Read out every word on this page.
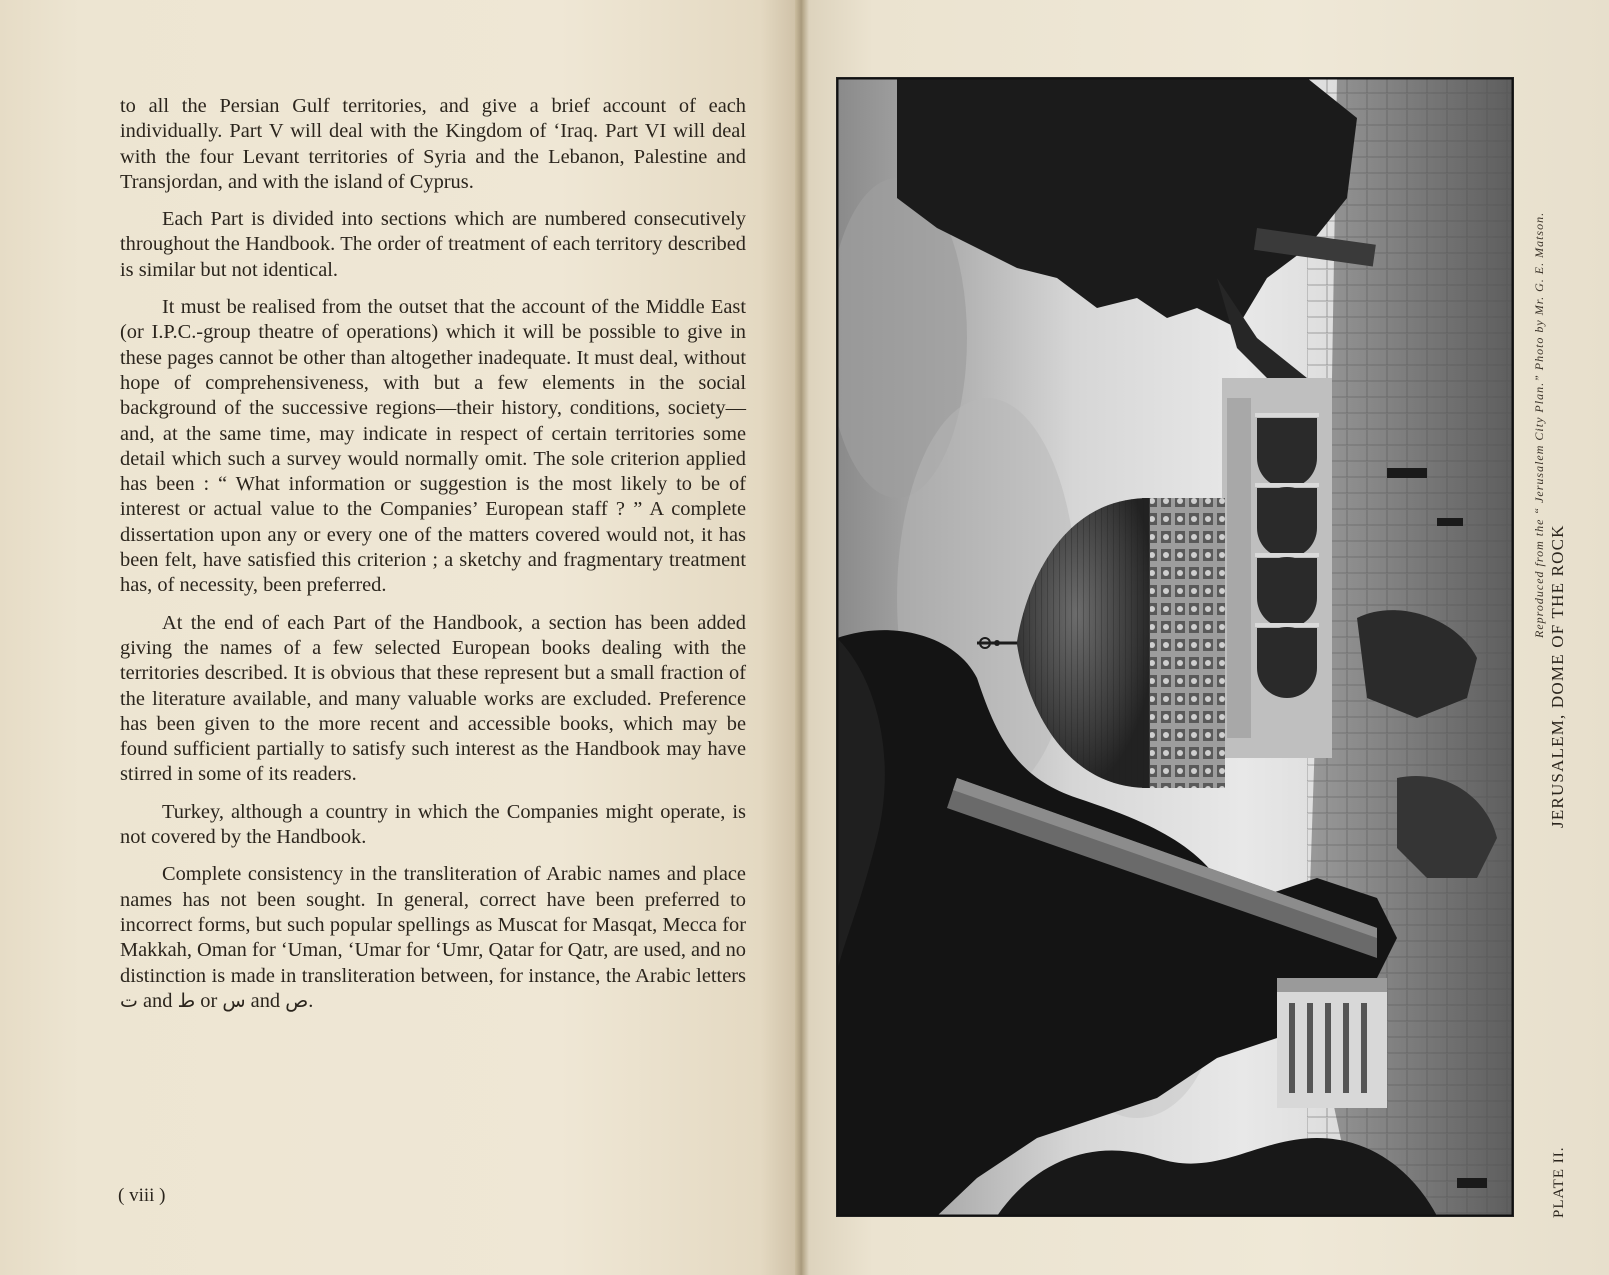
to all the Persian Gulf territories, and give a brief account of each individually. Part V will deal with the Kingdom of ‘Iraq. Part VI will deal with the four Levant territories of Syria and the Lebanon, Palestine and Transjordan, and with the island of Cyprus.

Each Part is divided into sections which are numbered consecutively throughout the Handbook. The order of treatment of each territory described is similar but not identical.

It must be realised from the outset that the account of the Middle East (or I.P.C.-group theatre of operations) which it will be possible to give in these pages cannot be other than altogether inadequate. It must deal, without hope of comprehensiveness, with but a few elements in the social background of the successive regions—their history, conditions, society—and, at the same time, may indicate in respect of certain territories some detail which such a survey would normally omit. The sole criterion applied has been : “ What information or suggestion is the most likely to be of interest or actual value to the Companies’ European staff ? ” A complete dissertation upon any or every one of the matters covered would not, it has been felt, have satisfied this criterion ; a sketchy and fragmentary treatment has, of necessity, been preferred.

At the end of each Part of the Handbook, a section has been added giving the names of a few selected European books dealing with the territories described. It is obvious that these represent but a small fraction of the literature available, and many valuable works are excluded. Preference has been given to the more recent and accessible books, which may be found sufficient partially to satisfy such interest as the Handbook may have stirred in some of its readers.

Turkey, although a country in which the Companies might operate, is not covered by the Handbook.

Complete consistency in the transliteration of Arabic names and place names has not been sought. In general, correct have been preferred to incorrect forms, but such popular spellings as Muscat for Masqat, Mecca for Makkah, Oman for ‘Uman, ‘Umar for ‘Umr, Qatar for Qatr, are used, and no distinction is made in transliteration between, for instance, the Arabic letters ت and ط or س and ص.

( viii )
Reproduced from the “ Jerusalem City Plan.” Photo by Mr. G. E. Matson.
JERUSALEM, DOME OF THE ROCK
PLATE II.
